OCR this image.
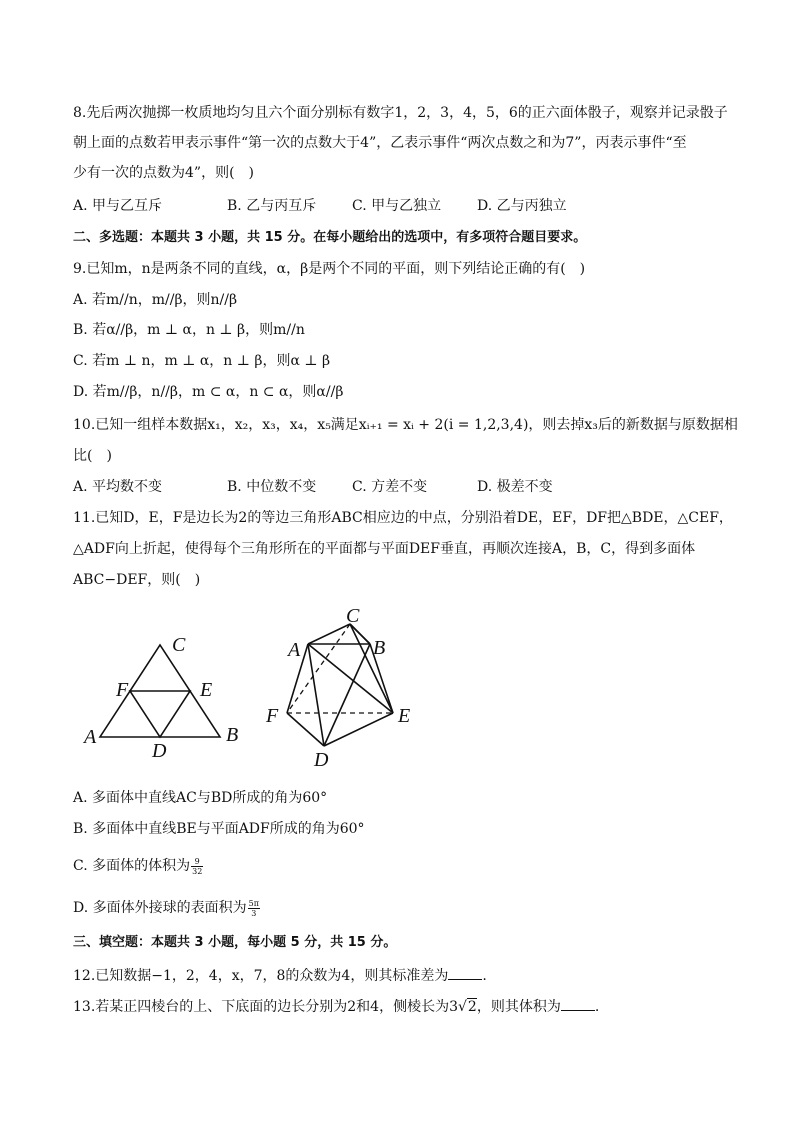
8.先后两次抛掷一枚质地均匀且六个面分别标有数字1，2，3，4，5，6的正六面体骰子，观察并记录骰子
朝上面的点数若甲表示事件“第一次的点数大于4”，乙表示事件“两次点数之和为7”，丙表示事件“至
少有一次的点数为4”，则(　)
A. 甲与乙互斥	B. 乙与丙互斥	C. 甲与乙独立	D. 乙与丙独立
二、多选题：本题共 3 小题，共 15 分。在每小题给出的选项中，有多项符合题目要求。
9.已知m，n是两条不同的直线，α，β是两个不同的平面，则下列结论正确的有(　)
A. 若m//n，m//β，则n//β
B. 若α//β，m ⊥ α，n ⊥ β，则m//n
C. 若m ⊥ n，m ⊥ α，n ⊥ β，则α ⊥ β
D. 若m//β，n//β，m ⊂ α，n ⊂ α，则α//β
10.已知一组样本数据x₁，x₂，x₃，x₄，x₅满足xᵢ₊₁ = xᵢ + 2(i = 1,2,3,4)，则去掉x₃后的新数据与原数据相
比(　)
A. 平均数不变	B. 中位数不变	C. 方差不变	D. 极差不变
11.已知D，E，F是边长为2的等边三角形ABC相应边的中点，分别沿着DE，EF，DF把△BDE，△CEF，
△ADF向上折起，使得每个三角形所在的平面都与平面DEF垂直，再顺次连接A，B，C，得到多面体
ABC−DEF，则(　)
C
F	E
A	B
D
C
A	B
F	E
D
A. 多面体中直线AC与BD所成的角为60°
B. 多面体中直线BE与平面ADF所成的角为60°
C. 多面体的体积为 $\frac{9}{32}$
D. 多面体外接球的表面积为 $\frac{5\pi}{3}$
三、填空题：本题共 3 小题，每小题 5 分，共 15 分。
12.已知数据−1，2，4，x，7，8的众数为4，则其标准差为 .
13.若某正四棱台的上、下底面的边长分别为2和4，侧棱长为3√2，则其体积为 .
